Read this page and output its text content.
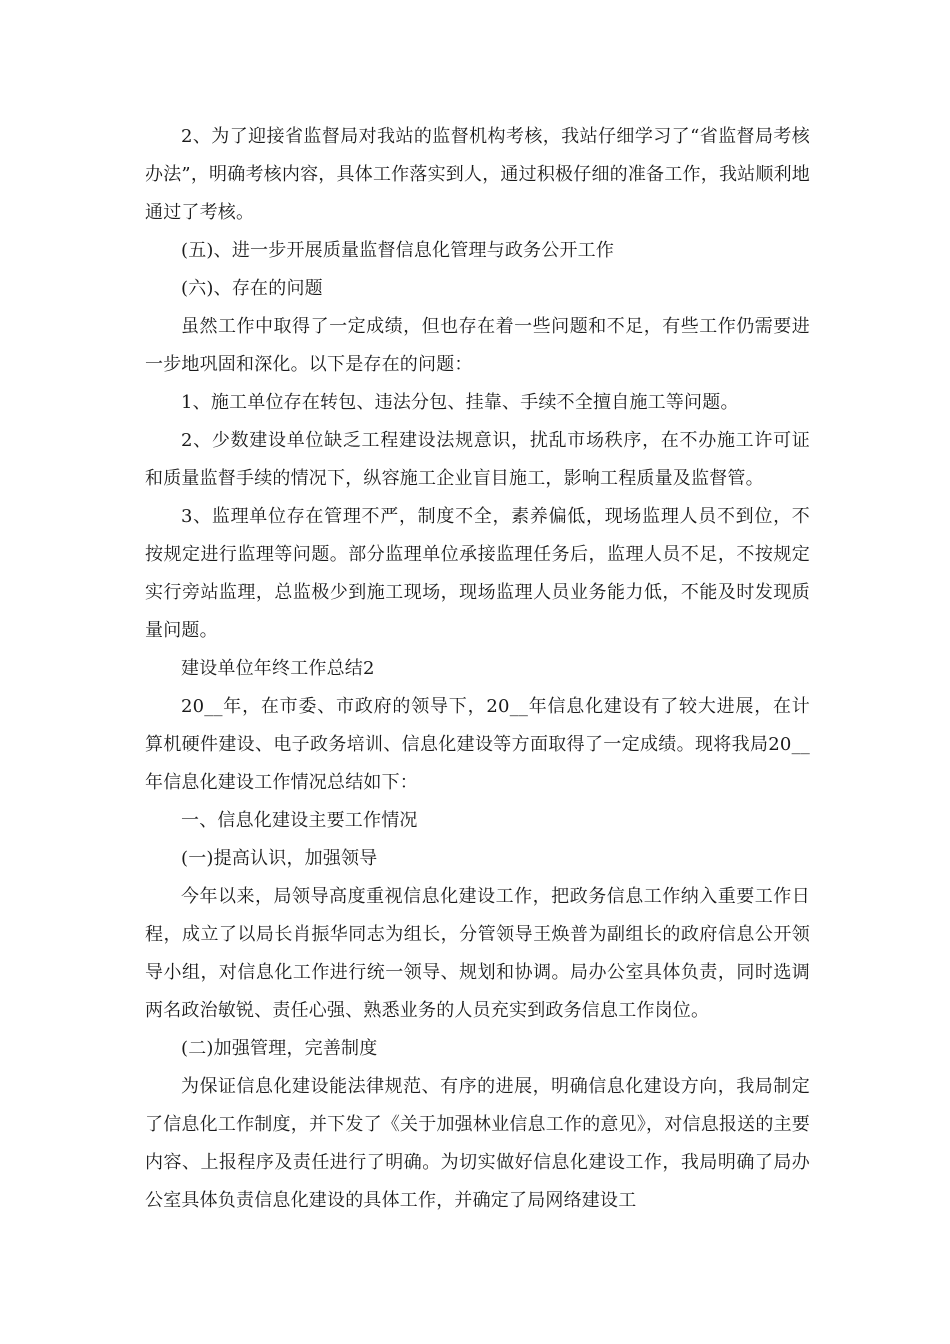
2、为了迎接省监督局对我站的监督机构考核，我站仔细学习了“省监督局考核办法”，明确考核内容，具体工作落实到人，通过积极仔细的准备工作，我站顺利地通过了考核。

(五)、进一步开展质量监督信息化管理与政务公开工作

(六)、存在的问题

虽然工作中取得了一定成绩，但也存在着一些问题和不足，有些工作仍需要进一步地巩固和深化。以下是存在的问题：

1、施工单位存在转包、违法分包、挂靠、手续不全擅自施工等问题。

2、少数建设单位缺乏工程建设法规意识，扰乱市场秩序，在不办施工许可证和质量监督手续的情况下，纵容施工企业盲目施工，影响工程质量及监督管。

3、监理单位存在管理不严，制度不全，素养偏低，现场监理人员不到位，不按规定进行监理等问题。部分监理单位承接监理任务后，监理人员不足，不按规定实行旁站监理，总监极少到施工现场，现场监理人员业务能力低，不能及时发现质量问题。

建设单位年终工作总结2

20__年，在市委、市政府的领导下，20__年信息化建设有了较大进展，在计算机硬件建设、电子政务培训、信息化建设等方面取得了一定成绩。现将我局20__年信息化建设工作情况总结如下：

一、信息化建设主要工作情况

(一)提高认识，加强领导

今年以来，局领导高度重视信息化建设工作，把政务信息工作纳入重要工作日程，成立了以局长肖振华同志为组长，分管领导王焕普为副组长的政府信息公开领导小组，对信息化工作进行统一领导、规划和协调。局办公室具体负责，同时选调两名政治敏锐、责任心强、熟悉业务的人员充实到政务信息工作岗位。

(二)加强管理，完善制度

为保证信息化建设能法律规范、有序的进展，明确信息化建设方向，我局制定了信息化工作制度，并下发了《关于加强林业信息工作的意见》，对信息报送的主要内容、上报程序及责任进行了明确。为切实做好信息化建设工作，我局明确了局办公室具体负责信息化建设的具体工作，并确定了局网络建设工
